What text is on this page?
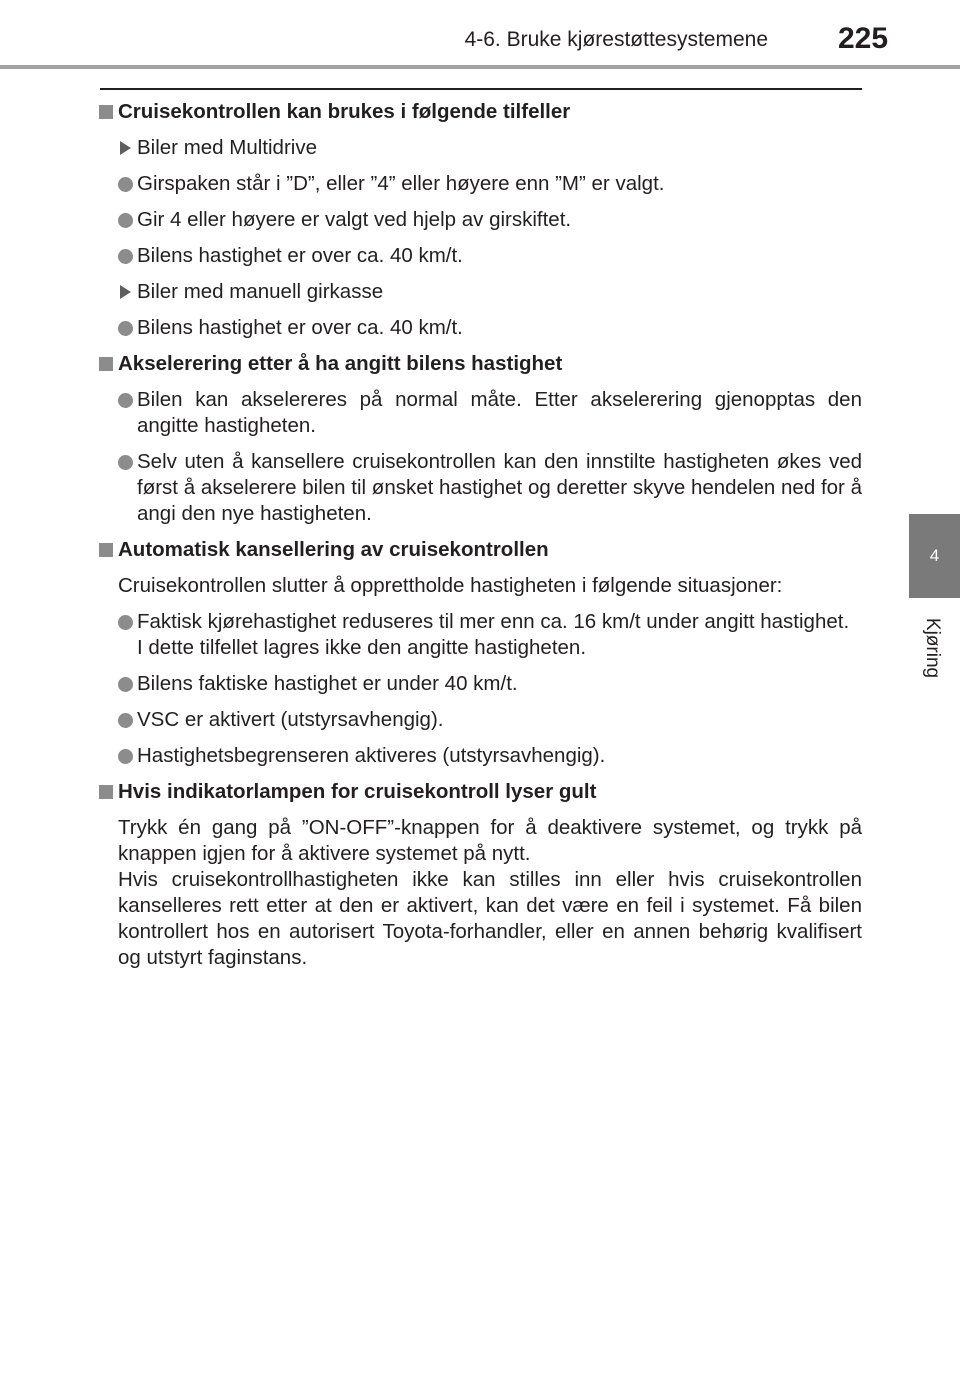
4-6. Bruke kjørestøttesystemene 225
4
Kjøring
Cruisekontrollen kan brukes i følgende tilfeller
Biler med Multidrive
Girspaken står i ”D”, eller ”4” eller høyere enn ”M” er valgt.
Gir 4 eller høyere er valgt ved hjelp av girskiftet.
Bilens hastighet er over ca. 40 km/t.
Biler med manuell girkasse
Bilens hastighet er over ca. 40 km/t.
Akselerering etter å ha angitt bilens hastighet
Bilen kan akselereres på normal måte. Etter akselerering gjenopptas den angitte hastigheten.
Selv uten å kansellere cruisekontrollen kan den innstilte hastigheten økes ved først å akselerere bilen til ønsket hastighet og deretter skyve hendelen ned for å angi den nye hastigheten.
Automatisk kansellering av cruisekontrollen
Cruisekontrollen slutter å opprettholde hastigheten i følgende situasjoner:
Faktisk kjørehastighet reduseres til mer enn ca. 16 km/t under angitt hastighet.
I dette tilfellet lagres ikke den angitte hastigheten.
Bilens faktiske hastighet er under 40 km/t.
VSC er aktivert (utstyrsavhengig).
Hastighetsbegrenseren aktiveres (utstyrsavhengig).
Hvis indikatorlampen for cruisekontroll lyser gult
Trykk én gang på ”ON-OFF”-knappen for å deaktivere systemet, og trykk på knappen igjen for å aktivere systemet på nytt.
Hvis cruisekontrollhastigheten ikke kan stilles inn eller hvis cruisekontrollen kanselleres rett etter at den er aktivert, kan det være en feil i systemet. Få bilen kontrollert hos en autorisert Toyota-forhandler, eller en annen behørig kvalifisert og utstyrt faginstans.
